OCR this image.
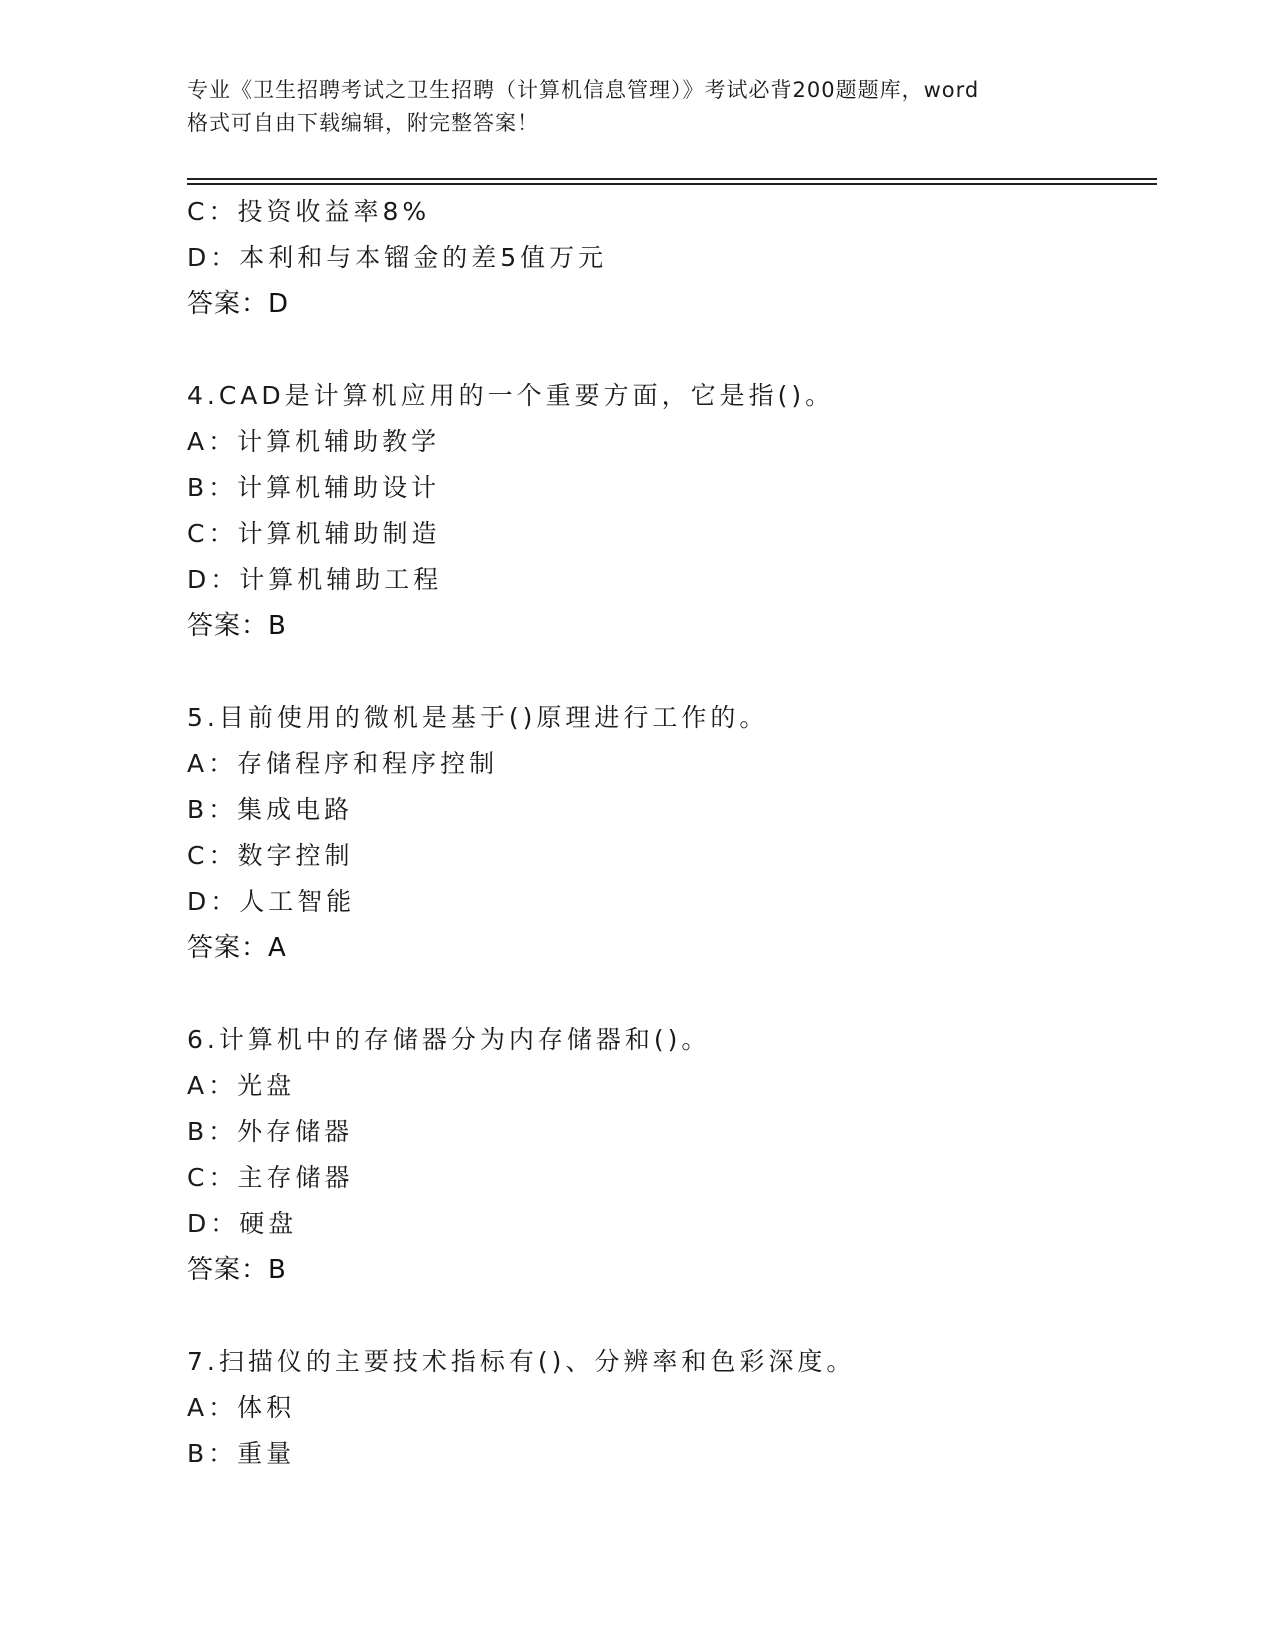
专业《卫生招聘考试之卫生招聘（计算机信息管理）》考试必背200题题库，word
格式可自由下载编辑，附完整答案！
C：投资收益率8%
D：本利和与本镏金的差5值万元
答案：D
4.CAD是计算机应用的一个重要方面，它是指()。
A：计算机辅助教学
B：计算机辅助设计
C：计算机辅助制造
D：计算机辅助工程
答案：B
5.目前使用的微机是基于()原理进行工作的。
A：存储程序和程序控制
B：集成电路
C：数字控制
D：人工智能
答案：A
6.计算机中的存储器分为内存储器和()。
A：光盘
B：外存储器
C：主存储器
D：硬盘
答案：B
7.扫描仪的主要技术指标有()、分辨率和色彩深度。
A：体积
B：重量
